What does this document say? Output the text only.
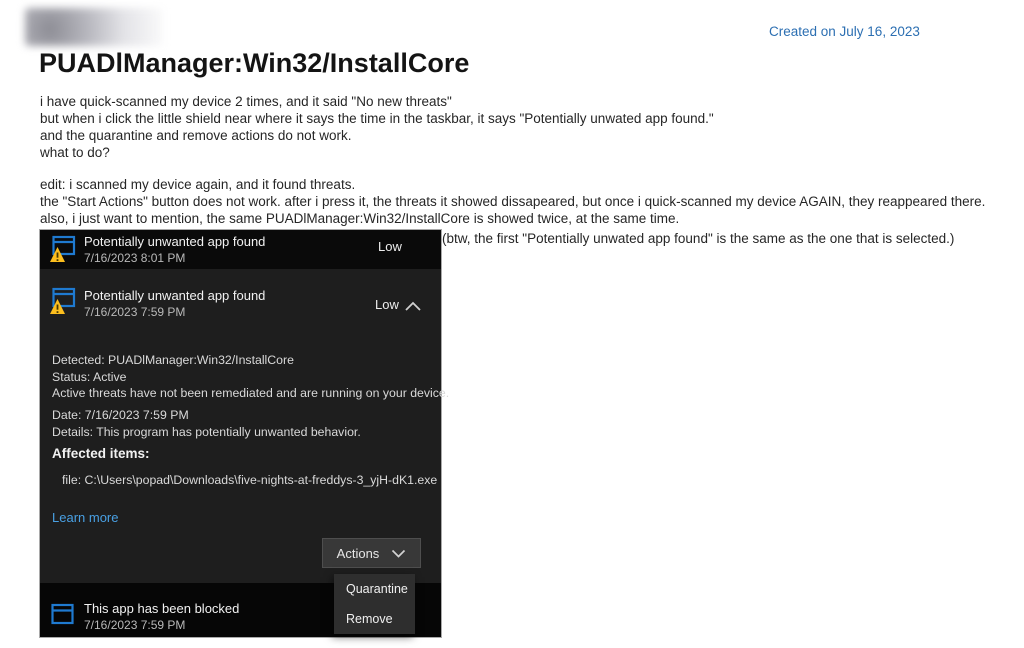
Created on July 16, 2023
PUADlManager:Win32/InstallCore
i have quick-scanned my device 2 times, and it said "No new threats"
but when i click the little shield near where it says the time in the taskbar, it says "Potentially unwated app found."
and the quarantine and remove actions do not work.
what to do?
edit: i scanned my device again, and it found threats.
the "Start Actions" button does not work. after i press it, the threats it showed dissapeared, but once i quick-scanned my device AGAIN, they reappeared there.
also, i just want to mention, the same PUADlManager:Win32/InstallCore is showed twice, at the same time.
(btw, the first "Potentially unwated app found" is the same as the one that is selected.)
Potentially unwanted app found
7/16/2023 8:01 PM
Low
Potentially unwanted app found
7/16/2023 7:59 PM	Low
Detected: PUADlManager:Win32/InstallCore
Status: Active
Active threats have not been remediated and are running on your device.
Date: 7/16/2023 7:59 PM
Details: This program has potentially unwanted behavior.
Affected items:
file: C:\Users\popad\Downloads\five-nights-at-freddys-3_yjH-dK1.exe
Learn more
Actions
This app has been blocked
7/16/2023 7:59 PM
Quarantine
Remove
